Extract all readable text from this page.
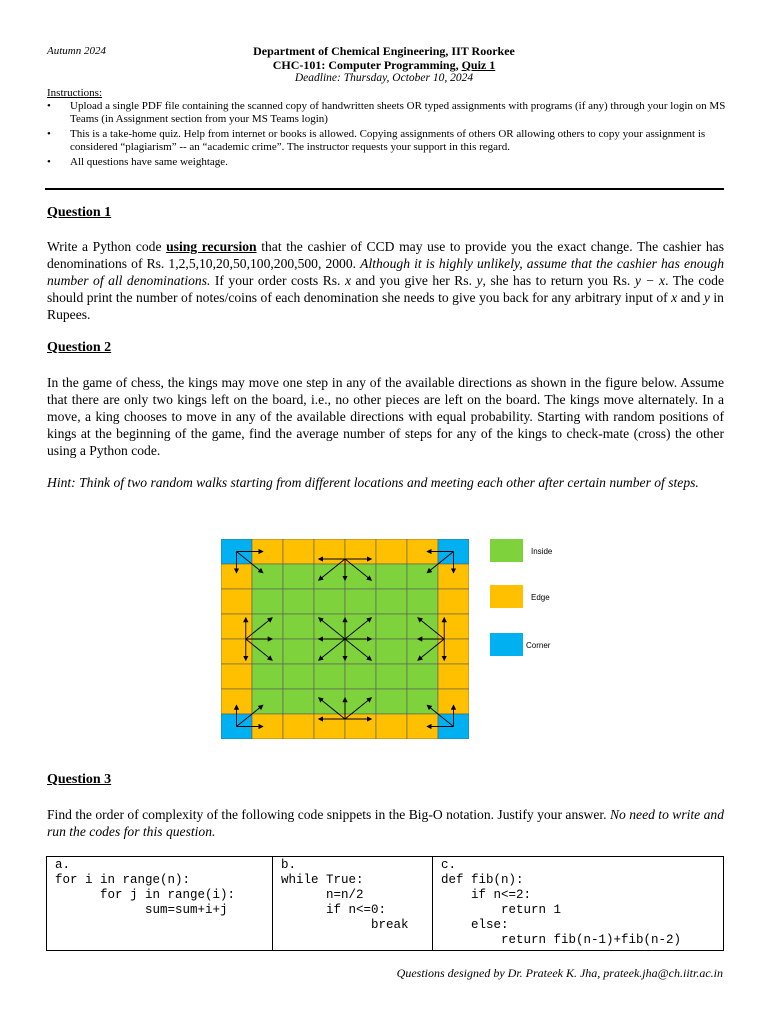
Autumn 2024	Department of Chemical Engineering, IIT Roorkee
CHC-101: Computer Programming, Quiz 1
Deadline: Thursday, October 10, 2024
Instructions:
• Upload a single PDF file containing the scanned copy of handwritten sheets OR typed assignments with programs (if any) through your login on MS Teams (in Assignment section from your MS Teams login)
• This is a take-home quiz. Help from internet or books is allowed. Copying assignments of others OR allowing others to copy your assignment is considered “plagiarism” -- an “academic crime”. The instructor requests your support in this regard.
• All questions have same weightage.
Question 1
Write a Python code using recursion that the cashier of CCD may use to provide you the exact change. The cashier has denominations of Rs. 1,2,5,10,20,50,100,200,500, 2000. Although it is highly unlikely, assume that the cashier has enough number of all denominations. If your order costs Rs. x and you give her Rs. y, she has to return you Rs. y − x. The code should print the number of notes/coins of each denomination she needs to give you back for any arbitrary input of x and y in Rupees.
Question 2
In the game of chess, the kings may move one step in any of the available directions as shown in the figure below. Assume that there are only two kings left on the board, i.e., no other pieces are left on the board. The kings move alternately. In a move, a king chooses to move in any of the available directions with equal probability. Starting with random positions of kings at the beginning of the game, find the average number of steps for any of the kings to check-mate (cross) the other using a Python code.
Hint: Think of two random walks starting from different locations and meeting each other after certain number of steps.
Inside
Edge
Corner
Question 3
Find the order of complexity of the following code snippets in the Big-O notation. Justify your answer. No need to write and run the codes for this question.
a.
for i in range(n):
for j in range(i):
sum=sum+i+j	b.
while True:
n=n/2
if n<=0:
break	c.
def fib(n):
if n<=2:
return 1
else:
return fib(n-1)+fib(n-2)
Questions designed by Dr. Prateek K. Jha, prateek.jha@ch.iitr.ac.in
